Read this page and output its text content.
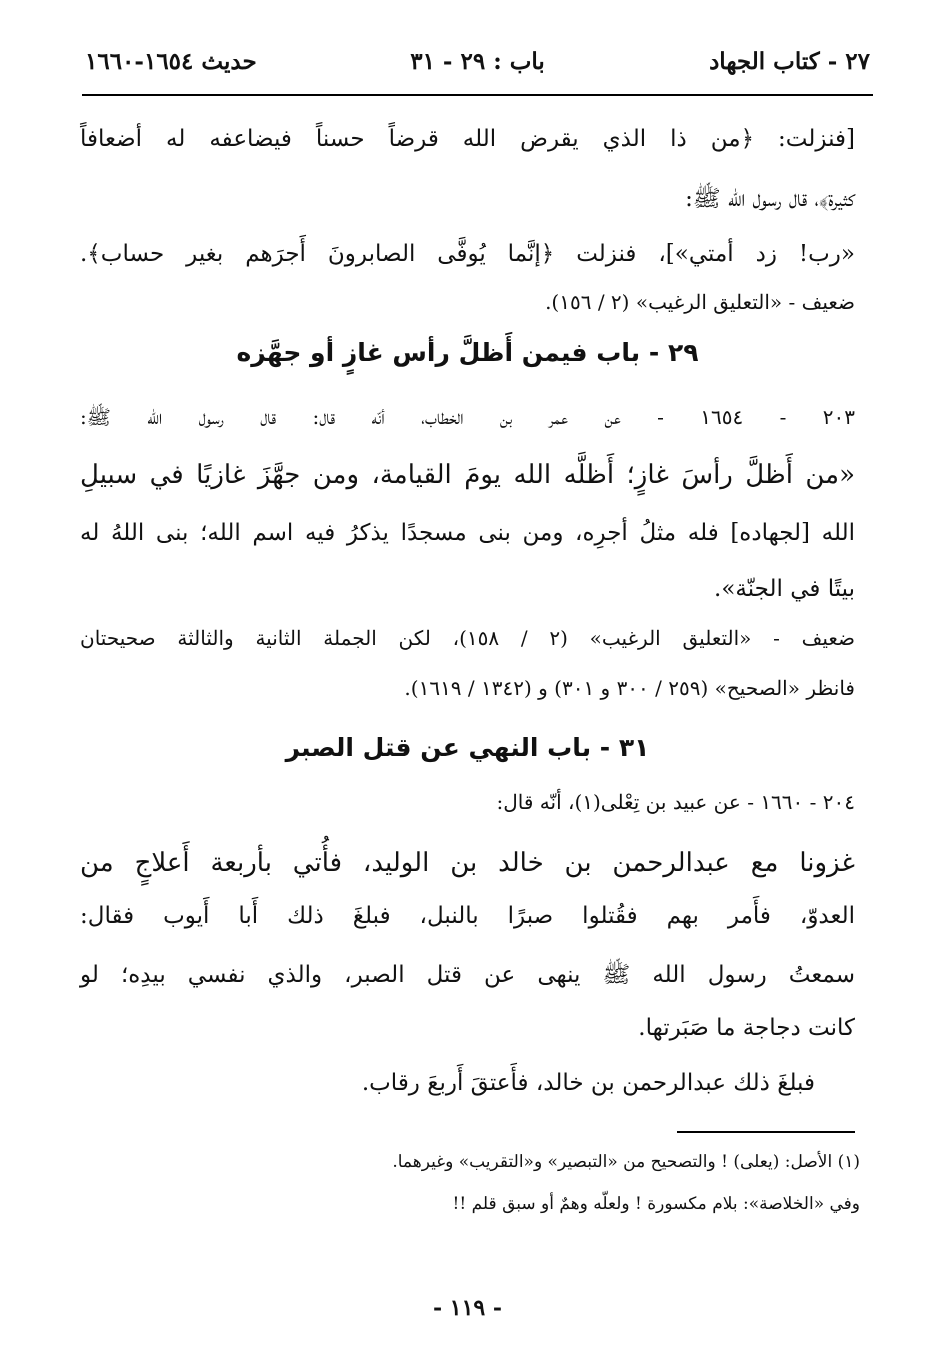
٢٧ - كتاب الجهاد
باب : ٢٩ - ٣١
حديث ١٦٥٤-١٦٦٠
[فنزلت: ﴿من ذا الذي يقرض الله قرضاً حسناً فيضاعفه له أضعافاً
كثيرة﴾، قال رسول الله ﷺ:
«رب! زد أمتي»]، فنزلت ﴿إنَّما يُوفَّى الصابرونَ أَجرَهم بغير حساب﴾.
ضعيف - «التعليق الرغيب» (٢ / ١٥٦).
٢٩ - باب فيمن أَظلَّ رأس غازٍ أو جهَّزه
٢٠٣ - ١٦٥٤ - عن عمر بن الخطاب، أنّه قال: قال رسول الله ﷺ:
«من أَظلَّ رأسَ غازٍ؛ أَظلَّه الله يومَ القيامة، ومن جهَّزَ غازيًا في سبيلِ
الله [لجهاده] فله مثلُ أجرِه، ومن بنى مسجدًا يذكرُ فيه اسم الله؛ بنى اللهُ له
بيتًا في الجنّة».
ضعيف - «التعليق الرغيب» (٢ / ١٥٨)، لكن الجملة الثانية والثالثة صحيحتان
فانظر «الصحيح» (٢٥٩ / ٣٠٠ و ٣٠١) و (١٣٤٢ / ١٦١٩).
٣١ - باب النهي عن قتل الصبر
٢٠٤ - ١٦٦٠ - عن عبيد بن تِعْلى(١)، أنّه قال:
غزونا مع عبدالرحمن بن خالد بن الوليد، فأُتي بأربعة أَعلاجٍ من
العدوّ، فأَمر بهم فقُتلوا صبرًا بالنبل، فبلغَ ذلك أَبا أَيوب فقال:
سمعتُ رسول الله ﷺ ينهى عن قتل الصبر، والذي نفسي بيدِه؛ لو
كانت دجاجة ما صَبَرتها.
فبلغَ ذلك عبدالرحمن بن خالد، فأَعتقَ أَربعَ رقاب.
(١) الأصل: (يعلى) ! والتصحيح من «التبصير» و«التقريب» وغيرهما.
وفي «الخلاصة»: بلام مكسورة ! ولعلّه وهمٌ أو سبق قلم !!
- ١١٩ -
